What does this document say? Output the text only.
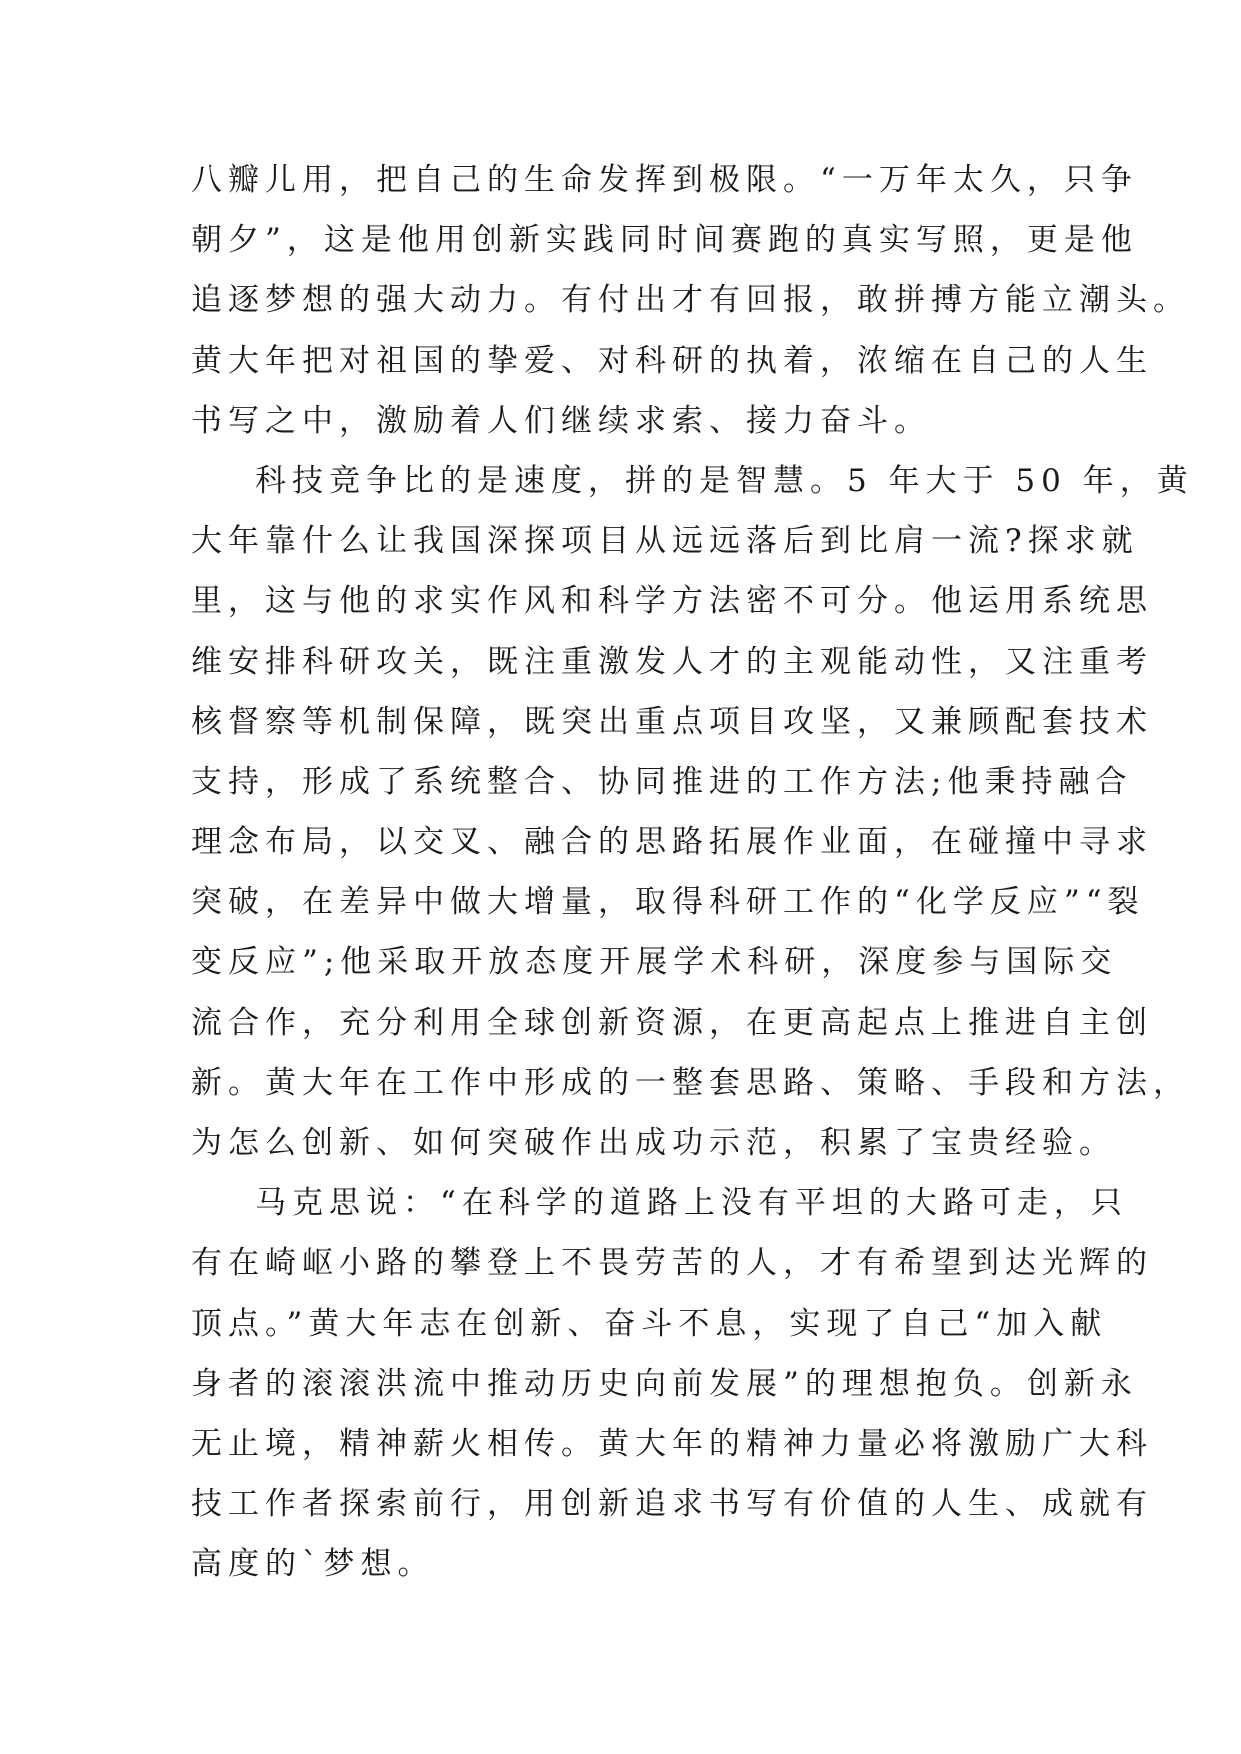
八瓣儿用，把自己的生命发挥到极限。“一万年太久，只争
朝夕”，这是他用创新实践同时间赛跑的真实写照，更是他
追逐梦想的强大动力。有付出才有回报，敢拼搏方能立潮头。
黄大年把对祖国的挚爱、对科研的执着，浓缩在自己的人生
书写之中，激励着人们继续求索、接力奋斗。
科技竞争比的是速度，拼的是智慧。5 年大于 50 年，黄
大年靠什么让我国深探项目从远远落后到比肩一流?探求就
里，这与他的求实作风和科学方法密不可分。他运用系统思
维安排科研攻关，既注重激发人才的主观能动性，又注重考
核督察等机制保障，既突出重点项目攻坚，又兼顾配套技术
支持，形成了系统整合、协同推进的工作方法;他秉持融合
理念布局，以交叉、融合的思路拓展作业面，在碰撞中寻求
突破，在差异中做大增量，取得科研工作的“化学反应”“裂
变反应”;他采取开放态度开展学术科研，深度参与国际交
流合作，充分利用全球创新资源，在更高起点上推进自主创
新。黄大年在工作中形成的一整套思路、策略、手段和方法，
为怎么创新、如何突破作出成功示范，积累了宝贵经验。
马克思说：“在科学的道路上没有平坦的大路可走，只
有在崎岖小路的攀登上不畏劳苦的人，才有希望到达光辉的
顶点。”黄大年志在创新、奋斗不息，实现了自己“加入献
身者的滚滚洪流中推动历史向前发展”的理想抱负。创新永
无止境，精神薪火相传。黄大年的精神力量必将激励广大科
技工作者探索前行，用创新追求书写有价值的人生、成就有
高度的`梦想。
